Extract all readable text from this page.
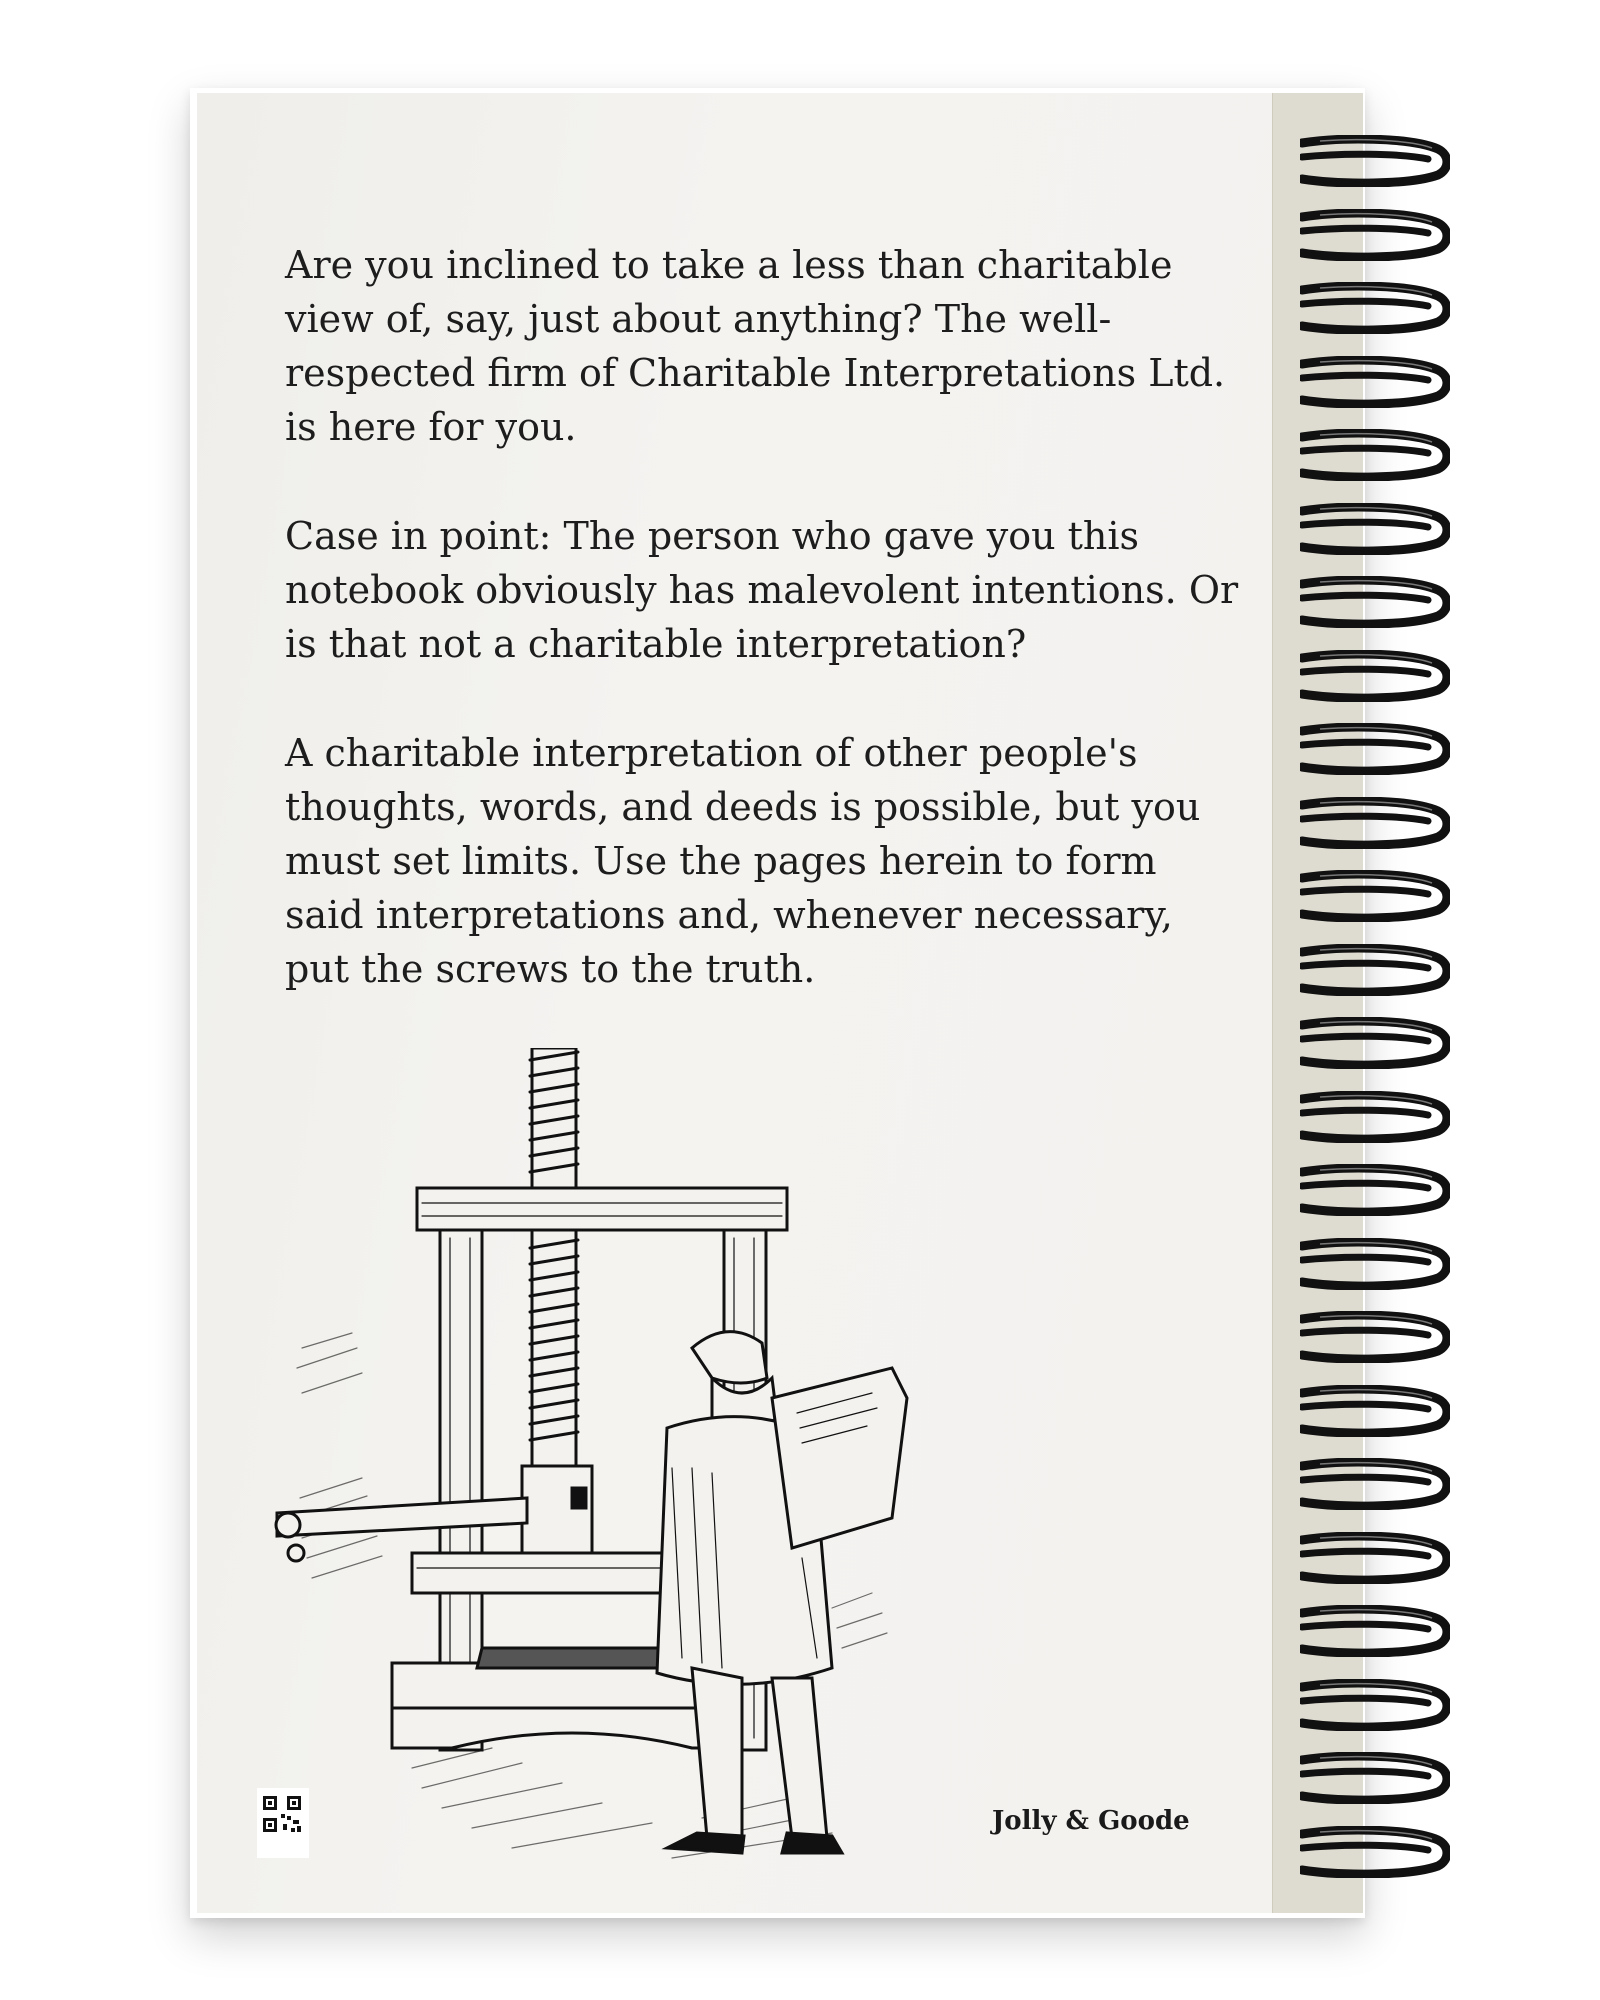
Are you inclined to take a less than charitable view of, say, just about anything? The well-respected firm of Charitable Interpretations Ltd. is here for you.

Case in point: The person who gave you this notebook obviously has malevolent intentions. Or is that not a charitable interpretation?

A charitable interpretation of other people's thoughts, words, and deeds is possible, but you must set limits. Use the pages herein to form said interpretations and, whenever necessary, put the screws to the truth.

Jolly & Goode
